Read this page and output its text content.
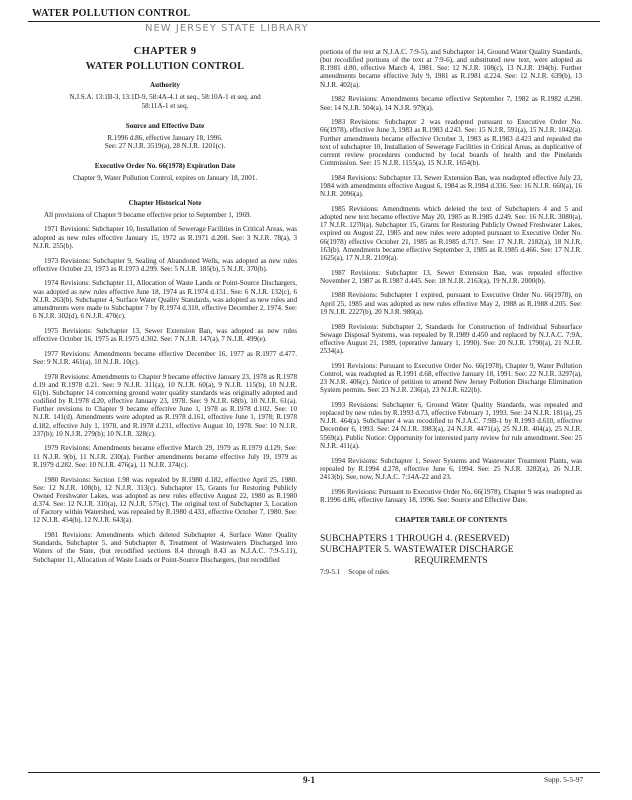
WATER POLLUTION CONTROL
NEW JERSEY STATE LIBRARY
CHAPTER 9
WATER POLLUTION CONTROL
Authority
N.J.S.A. 13:1B-3, 13:1D-9, 58:4A-4.1 et seq., 58:10A-1 et seq. and
58:11A-1 et seq.
Source and Effective Date
R.1996 d.86, effective January 18, 1996.
See: 27 N.J.R. 3519(a), 28 N.J.R. 1201(c).
Executive Order No. 66(1978) Expiration Date
Chapter 9, Water Pollution Control, expires on January 18, 2001.
Chapter Historical Note

All provisions of Chapter 9 became effective prior to September 1, 1969.

1971 Revisions: Subchapter 10, Installation of Sewerage Facilities in Critical Areas, was adopted as new rules effective January 15, 1972 as R.1971 d.208. See: 3 N.J.R. 78(a), 3 N.J.R. 255(b).

1973 Revisions: Subchapter 9, Sealing of Abandoned Wells, was adopted as new rules effective October 23, 1973 as R.1973 d.299. See: 5 N.J.R. 185(b), 5 N.J.R. 370(b).

1974 Revisions: Subchapter 11, Allocation of Waste Lands or Point-Source Dischargers, was adopted as new rules effective June 18, 1974 as R.1974 d.151. See: 6 N.J.R. 132(c), 6 N.J.R. 263(b). Subchapter 4, Surface Water Quality Standards, was adopted as new rules and amendments were made to Subchapter 7 by R.1974 d.310, effective December 2, 1974. See: 6 N.J.R. 302(d), 6 N.J.R. 470(c).

1975 Revisions: Subchapter 13, Sewer Extension Ban, was adopted as new rules effective October 16, 1975 as R.1975 d.302. See: 7 N.J.R. 147(a), 7 N.J.R. 499(e).

1977 Revisions: Amendments became effective December 16, 1977 as R.1977 d.477. See: 9 N.J.R. 461(a), 10 N.J.R. 10(c).

1978 Revisions: Amendments to Chapter 9 became effective January 23, 1978 as R.1978 d.19 and R.1978 d.21. See: 9 N.J.R. 311(a), 10 N.J.R. 60(a), 9 N.J.R. 115(b), 10 N.J.R. 61(b). Subchapter 14 concerning ground water quality standards was originally adopted and codified by R.1978 d.20, effective January 23, 1978. See: 9 N.J.R. 68(b), 10 N.J.R. 61(a). Further revisions to Chapter 9 became effective June 1, 1978 as R.1978 d.102. See: 10 N.J.R. 141(d). Amendments were adopted as R.1978 d.161, effective June 1, 1978; R.1978 d.182, effective July 1, 1978, and R.1978 d.231, effective August 10, 1978. See: 10 N.J.R. 237(b); 10 N.J.R. 279(b); 10 N.J.R. 328(c).

1979 Revisions: Amendments became effective March 29, 1979 as R.1979 d.129. See: 11 N.J.R. 9(b), 11 N.J.R. 230(a). Further amendments became effective July 19, 1979 as R.1979 d.282. See: 10 N.J.R. 476(a), 11 N.J.R. 374(c).

1980 Revisions: Section 1.98 was repealed by R.1980 d.182, effective April 25, 1980. See: 12 N.J.R. 108(b), 12 N.J.R. 313(c). Subchapter 15, Grants for Restoring Publicly Owned Freshwater Lakes, was adopted as new rules effective August 22, 1980 as R.1980 d.374. See: 12 N.J.R. 310(a), 12 N.J.R. 575(c). The original text of Subchapter 3, Location of Factory within Watershed, was repealed by R.1980 d.433, effective October 7, 1980. See: 12 N.J.R. 454(b), 12 N.J.R. 643(a).

1981 Revisions: Amendments which deleted Subchapter 4, Surface Water Quality Standards, Subchapter 5, and Subchapter 8, Treatment of Wastewaters Discharged into Waters of the State, (but recodified sections 8.4 through 8.43 as N.J.A.C. 7:9-5.11), Subchapter 11, Allocation of Waste Loads or Point-Source Dischargers, (but recodified

portions of the text at N.J.A.C. 7:9-5), and Subchapter 14, Ground Water Quality Standards, (but recodified portions of the text at 7:9-6), and substituted new text, were adopted as R.1981 d.80, effective March 4, 1981. See: 12 N.J.R. 108(c), 13 N.J.R. 194(b). Further amendments became effective July 9, 1981 as R.1981 d.224. See: 12 N.J.R. 639(b), 13 N.J.R. 402(a).

1982 Revisions: Amendments became effective September 7, 1982 as R.1982 d.298. See: 14 N.J.R. 504(a), 14 N.J.R. 979(a).

1983 Revisions: Subchapter 2 was readopted pursuant to Executive Order No. 66(1978), effective June 3, 1983 as R.1983 d.243. See: 15 N.J.R. 591(a), 15 N.J.R. 1042(a). Further amendments became effective October 3, 1983 as R.1983 d.423 and repealed the text of subchapter 10, Installation of Sewerage Facilities in Critical Areas, as duplicative of current review procedures conducted by local boards of health and the Pinelands Commission. See: 15 N.J.R. 1155(a), 15 N.J.R. 1654(b).

1984 Revisions: Subchapter 13, Sewer Extension Ban, was readopted effective July 23, 1984 with amendments effective August 6, 1984 as R.1984 d.336. See: 16 N.J.R. 660(a), 16 N.J.R. 2096(a).

1985 Revisions: Amendments which deleted the text of Subchapters 4 and 5 and adopted new text became effective May 20, 1985 as R.1985 d.249. See: 16 N.J.R. 3080(a), 17 N.J.R. 1270(a). Subchapter 15, Grants for Restoring Publicly Owned Freshwater Lakes, expired on August 22, 1985 and new rules were adopted pursuant to Executive Order No. 66(1978) effective October 21, 1985 as R.1985 d.717. See: 17 N.J.R. 2182(a), 18 N.J.R. 163(b). Amendments became effective September 3, 1985 as R.1985 d.466. See: 17 N.J.R. 1625(a), 17 N.J.R. 2109(a).

1987 Revisions: Subchapter 13, Sewer Extension Ban, was repealed effective November 2, 1987 as R.1987 d.445. See: 18 N.J.R. 2163(a), 19 N.J.R. 2000(b).

1988 Revisions: Subchapter 1 expired, pursuant to Executive Order No. 66(1978), on April 25, 1985 and was adopted as new rules effective May 2, 1988 as R.1988 d.205. See: 19 N.J.R. 2227(b), 20 N.J.R. 980(a).

1989 Revisions: Subchapter 2, Standards for Construction of Individual Subsurface Sewage Disposal Systems, was repealed by R.1989 d.450 and replaced by N.J.A.C. 7:9A, effective August 21, 1989, (operative January 1, 1990). See: 20 N.J.R. 1790(a), 21 N.J.R. 2534(a).

1991 Revisions: Pursuant to Executive Order No. 66(1978), Chapter 9, Water Pollution Control, was readopted as R.1991 d.68, effective January 18, 1991. See: 22 N.J.R. 3297(a), 23 N.J.R. 406(c). Notice of petition to amend New Jersey Pollution Discharge Elimination System permits. See: 23 N.J.R. 236(a), 23 N.J.R. 622(b).

1993 Revisions: Subchapter 6, Ground Water Quality Standards, was repealed and replaced by new rules by R.1993 d.73, effective February 1, 1993. See: 24 N.J.R. 181(a), 25 N.J.R. 464(a). Subchapter 4 was recodified to N.J.A.C. 7:9B-1 by R.1993 d.610, effective December 6, 1993. See: 24 N.J.R. 3983(a), 24 N.J.R. 4471(a), 25 N.J.R. 404(a), 25 N.J.R. 5569(a). Public Notice: Opportunity for interested party review for rule amendment. See: 25 N.J.R. 411(a).

1994 Revisions: Subchapter 1, Sewer Systems and Wastewater Treatment Plants, was repealed by R.1994 d.278, effective June 6, 1994. See: 25 N.J.R. 3282(a), 26 N.J.R. 2413(b). See, now, N.J.A.C. 7:14A-22 and 23.

1996 Revisions: Pursuant to Executive Order No. 66(1978), Chapter 9 was readopted as R.1996 d.86, effective January 18, 1996. See: Source and Effective Date.

CHAPTER TABLE OF CONTENTS
SUBCHAPTERS 1 THROUGH 4. (RESERVED)
SUBCHAPTER 5. WASTEWATER DISCHARGE
REQUIREMENTS
7:9-5.1 Scope of rules
9-1	Supp. 5-5-97
